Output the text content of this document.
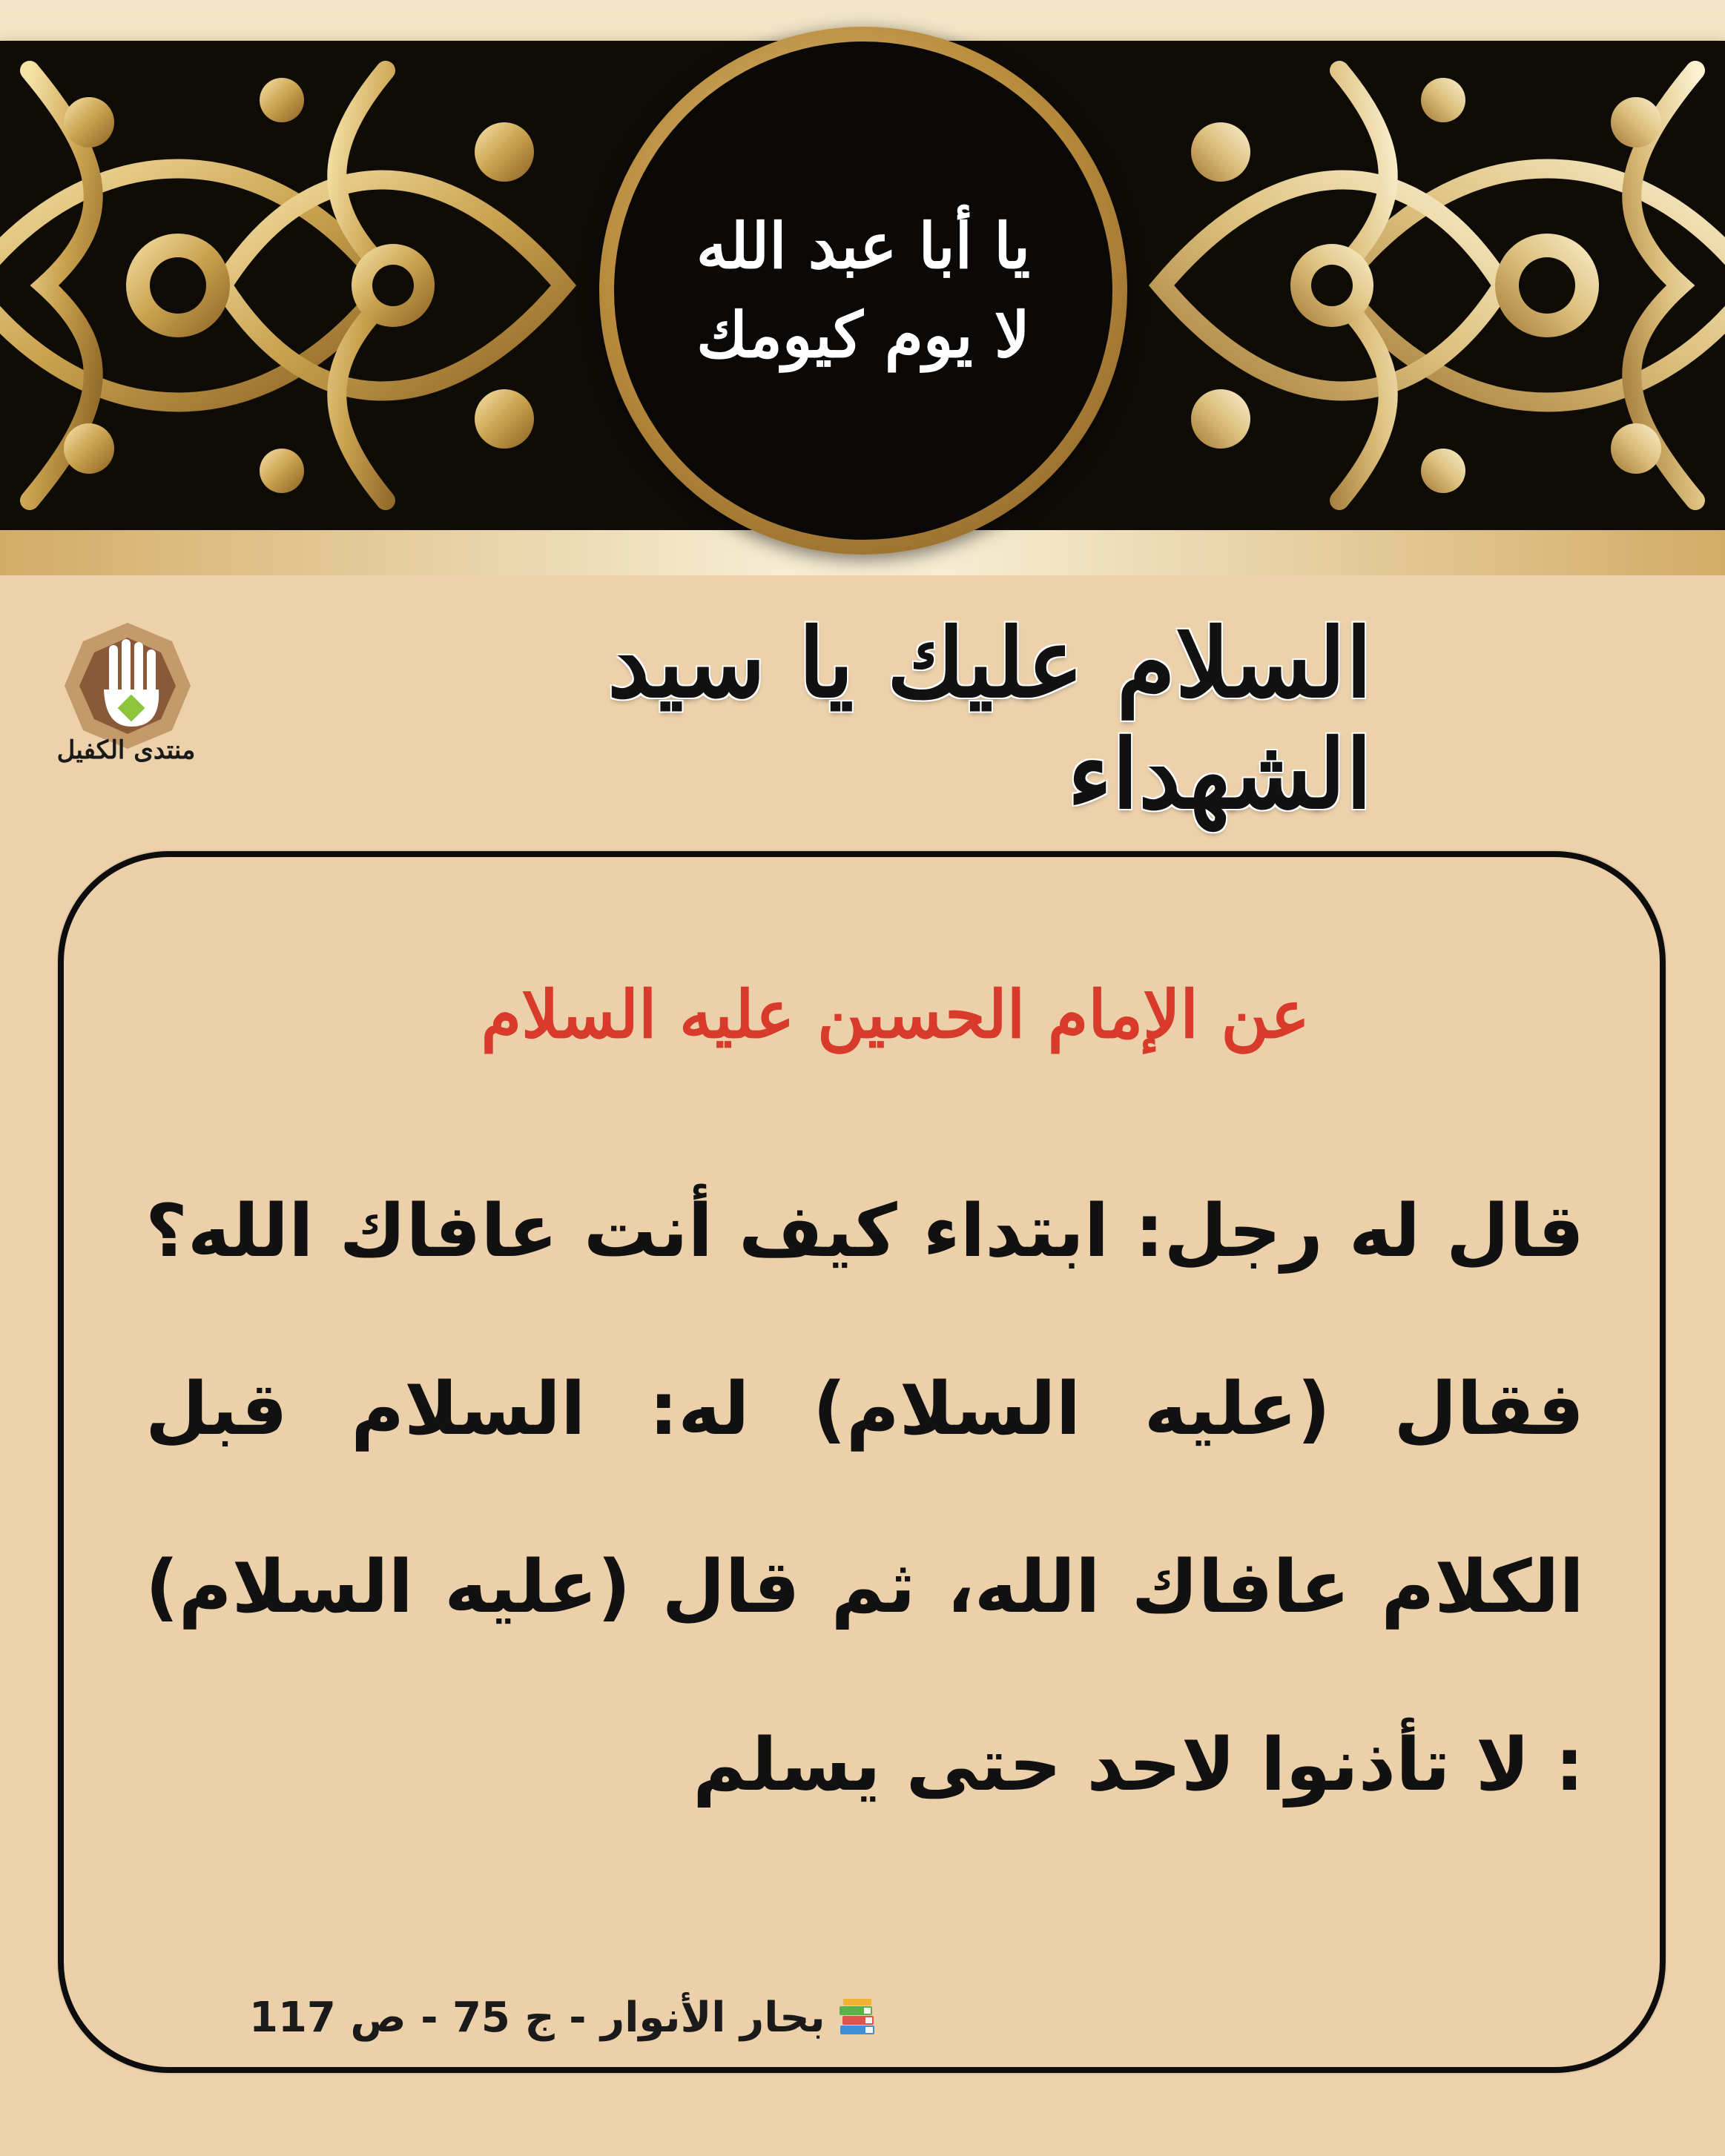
يا أبا عبد الله لا يوم كيومك
منتدى الكفيل
السلام عليك يا سيد الشهداء
عن الإمام الحسين عليه السلام
قال له رجل: ابتداء كيف أنت عافاك الله؟ فقال (عليه السلام) له: السلام قبل الكلام عافاك الله، ثم قال (عليه السلام) : لا تأذنوا لاحد حتى يسلم
بحار الأنوار - ج 75 - ص 117
